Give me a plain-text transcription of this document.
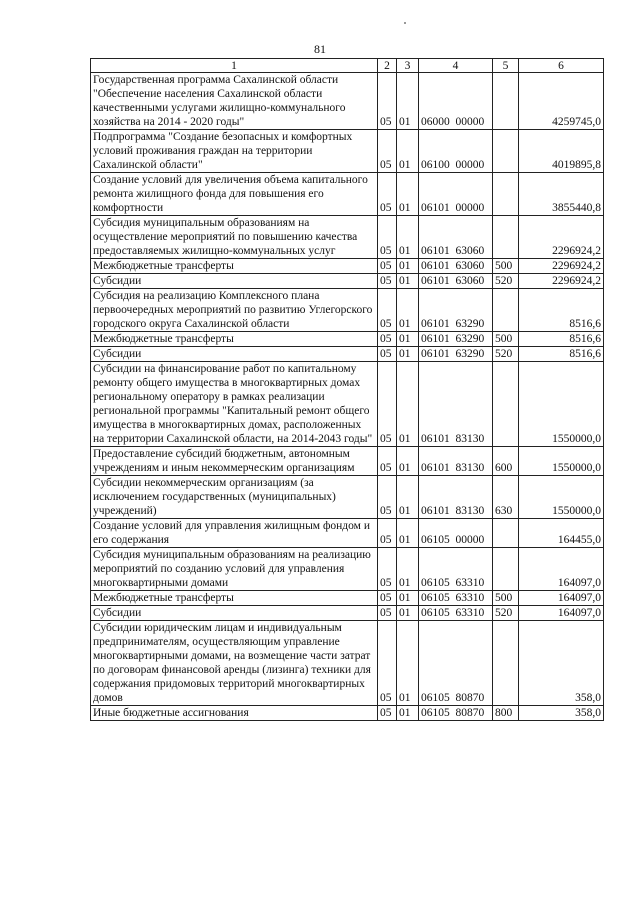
81
1	2	3	4	5	6
Государственная программа Сахалинской области "Обеспечение населения Сахалинской области качественными услугами жилищно-коммунального хозяйства на 2014 - 2020 годы"	05	01	06000  00000		4259745,0
Подпрограмма "Создание безопасных и комфортных условий проживания граждан на территории Сахалинской области"	05	01	06100  00000		4019895,8
Создание условий для увеличения объема капитального ремонта жилищного фонда для повышения его комфортности	05	01	06101  00000		3855440,8
Субсидия муниципальным образованиям на осуществление мероприятий по повышению качества предоставляемых жилищно-коммунальных услуг	05	01	06101  63060		2296924,2
Межбюджетные трансферты	05	01	06101  63060	500	2296924,2
Субсидии	05	01	06101  63060	520	2296924,2
Субсидия на реализацию Комплексного плана первоочередных мероприятий по развитию Углегорского городского округа Сахалинской области	05	01	06101  63290		8516,6
Межбюджетные трансферты	05	01	06101  63290	500	8516,6
Субсидии	05	01	06101  63290	520	8516,6
Субсидии на финансирование работ по капитальному ремонту общего имущества в многоквартирных домах региональному оператору в рамках реализации региональной программы "Капитальный ремонт общего имущества в многоквартирных домах, расположенных на территории Сахалинской области, на 2014-2043 годы"	05	01	06101  83130		1550000,0
Предоставление субсидий бюджетным, автономным учреждениям и иным некоммерческим организациям	05	01	06101  83130	600	1550000,0
Субсидии некоммерческим организациям (за исключением государственных (муниципальных) учреждений)	05	01	06101  83130	630	1550000,0
Создание условий для управления жилищным фондом и его содержания	05	01	06105  00000		164455,0
Субсидия муниципальным образованиям на реализацию мероприятий по созданию условий для управления многоквартирными домами	05	01	06105  63310		164097,0
Межбюджетные трансферты	05	01	06105  63310	500	164097,0
Субсидии	05	01	06105  63310	520	164097,0
Субсидии юридическим лицам и индивидуальным предпринимателям, осуществляющим управление многоквартирными домами, на возмещение части затрат по договорам финансовой аренды (лизинга) техники для содержания придомовых территорий многоквартирных домов	05	01	06105  80870		358,0
Иные бюджетные ассигнования	05	01	06105  80870	800	358,0
